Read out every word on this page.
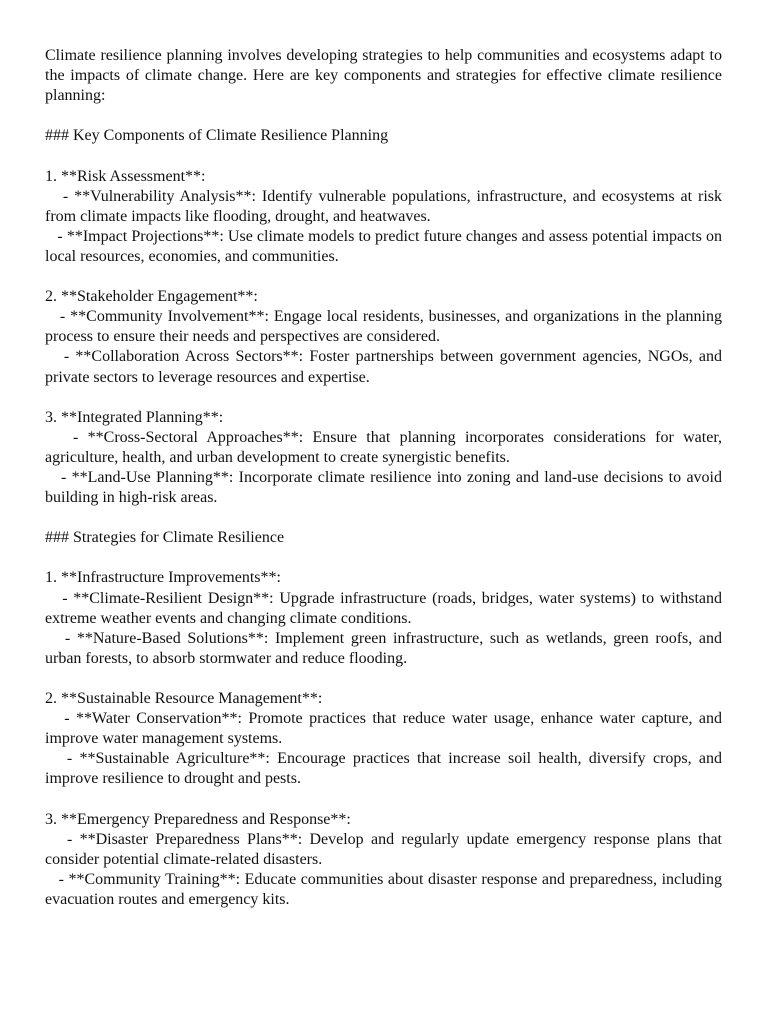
Climate resilience planning involves developing strategies to help communities and ecosystems adapt to the impacts of climate change. Here are key components and strategies for effective climate resilience planning:

### Key Components of Climate Resilience Planning

1. **Risk Assessment**:

- **Vulnerability Analysis**: Identify vulnerable populations, infrastructure, and ecosystems at risk from climate impacts like flooding, drought, and heatwaves.

- **Impact Projections**: Use climate models to predict future changes and assess potential impacts on local resources, economies, and communities.

2. **Stakeholder Engagement**:

- **Community Involvement**: Engage local residents, businesses, and organizations in the planning process to ensure their needs and perspectives are considered.

- **Collaboration Across Sectors**: Foster partnerships between government agencies, NGOs, and private sectors to leverage resources and expertise.

3. **Integrated Planning**:

- **Cross-Sectoral Approaches**: Ensure that planning incorporates considerations for water, agriculture, health, and urban development to create synergistic benefits.

- **Land-Use Planning**: Incorporate climate resilience into zoning and land-use decisions to avoid building in high-risk areas.

### Strategies for Climate Resilience

1. **Infrastructure Improvements**:

- **Climate-Resilient Design**: Upgrade infrastructure (roads, bridges, water systems) to withstand extreme weather events and changing climate conditions.

- **Nature-Based Solutions**: Implement green infrastructure, such as wetlands, green roofs, and urban forests, to absorb stormwater and reduce flooding.

2. **Sustainable Resource Management**:

- **Water Conservation**: Promote practices that reduce water usage, enhance water capture, and improve water management systems.

- **Sustainable Agriculture**: Encourage practices that increase soil health, diversify crops, and improve resilience to drought and pests.

3. **Emergency Preparedness and Response**:

- **Disaster Preparedness Plans**: Develop and regularly update emergency response plans that consider potential climate-related disasters.

- **Community Training**: Educate communities about disaster response and preparedness, including evacuation routes and emergency kits.
